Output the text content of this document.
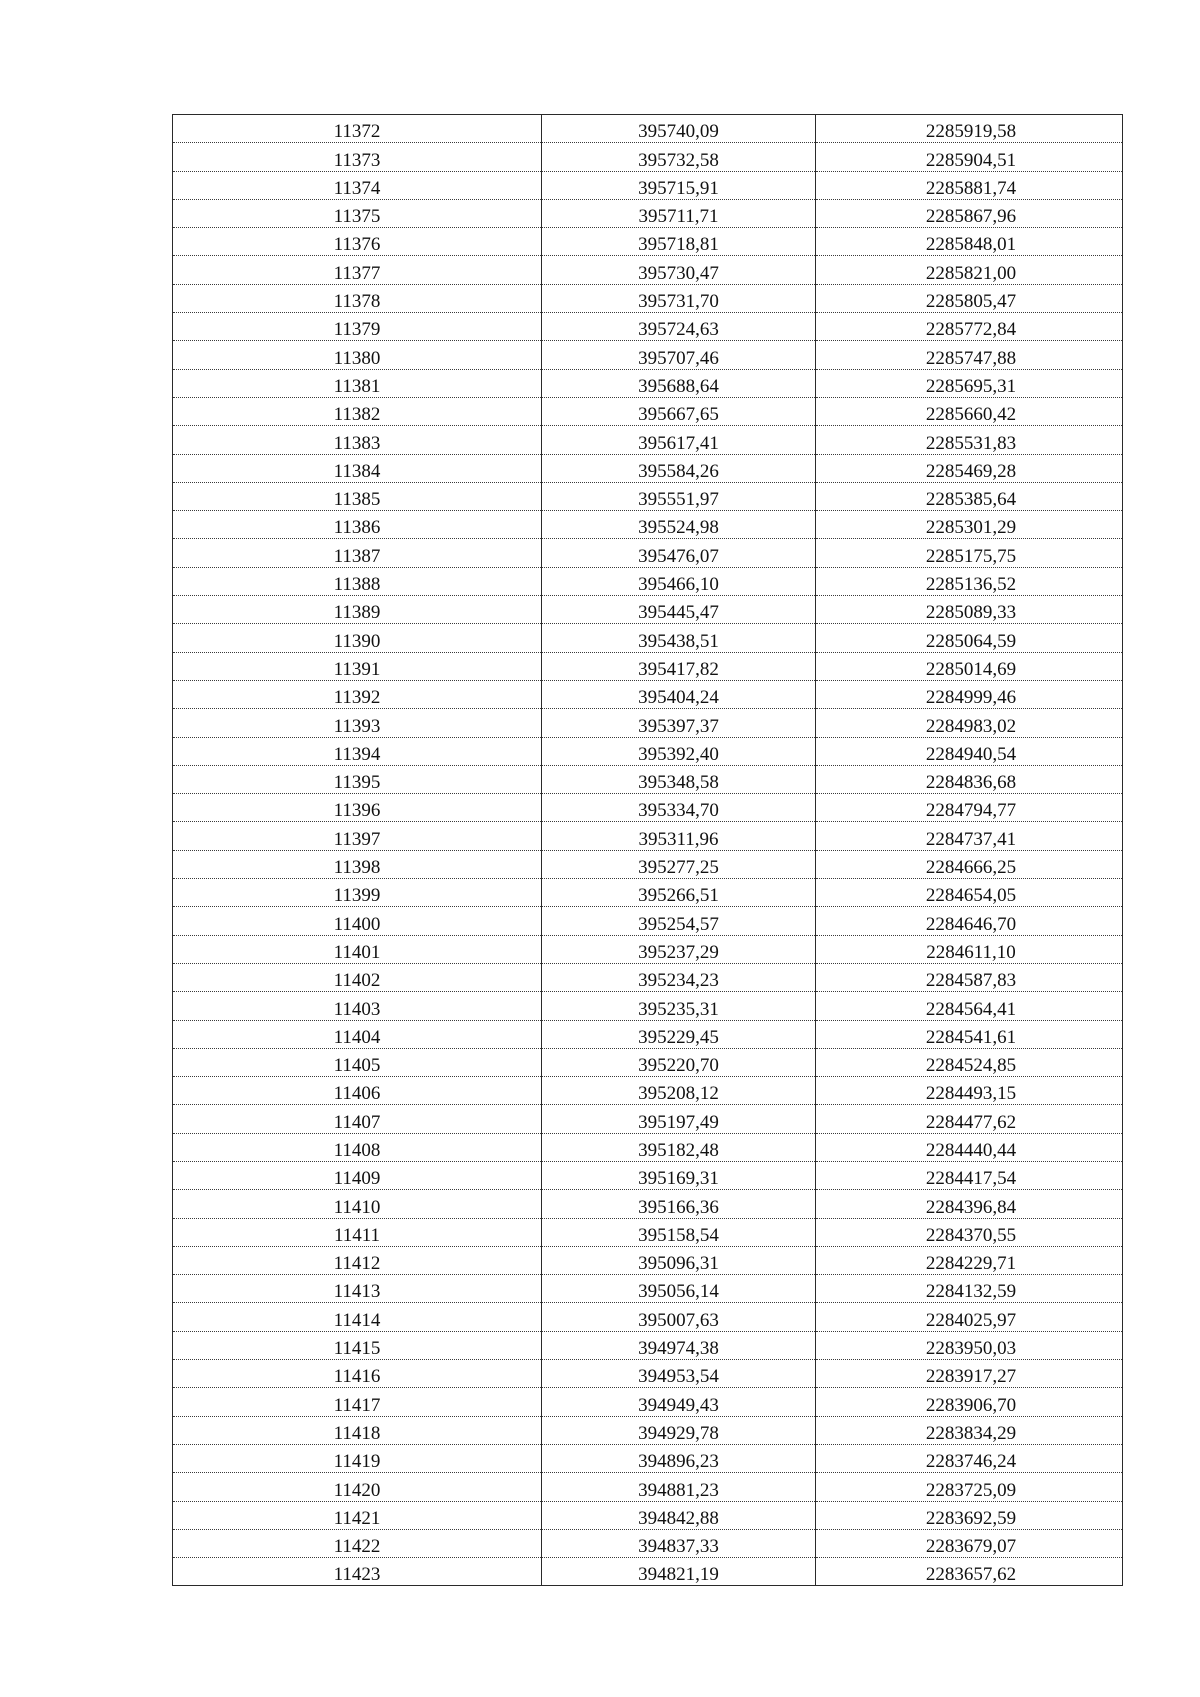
11372	395740,09	2285919,58
11373	395732,58	2285904,51
11374	395715,91	2285881,74
11375	395711,71	2285867,96
11376	395718,81	2285848,01
11377	395730,47	2285821,00
11378	395731,70	2285805,47
11379	395724,63	2285772,84
11380	395707,46	2285747,88
11381	395688,64	2285695,31
11382	395667,65	2285660,42
11383	395617,41	2285531,83
11384	395584,26	2285469,28
11385	395551,97	2285385,64
11386	395524,98	2285301,29
11387	395476,07	2285175,75
11388	395466,10	2285136,52
11389	395445,47	2285089,33
11390	395438,51	2285064,59
11391	395417,82	2285014,69
11392	395404,24	2284999,46
11393	395397,37	2284983,02
11394	395392,40	2284940,54
11395	395348,58	2284836,68
11396	395334,70	2284794,77
11397	395311,96	2284737,41
11398	395277,25	2284666,25
11399	395266,51	2284654,05
11400	395254,57	2284646,70
11401	395237,29	2284611,10
11402	395234,23	2284587,83
11403	395235,31	2284564,41
11404	395229,45	2284541,61
11405	395220,70	2284524,85
11406	395208,12	2284493,15
11407	395197,49	2284477,62
11408	395182,48	2284440,44
11409	395169,31	2284417,54
11410	395166,36	2284396,84
11411	395158,54	2284370,55
11412	395096,31	2284229,71
11413	395056,14	2284132,59
11414	395007,63	2284025,97
11415	394974,38	2283950,03
11416	394953,54	2283917,27
11417	394949,43	2283906,70
11418	394929,78	2283834,29
11419	394896,23	2283746,24
11420	394881,23	2283725,09
11421	394842,88	2283692,59
11422	394837,33	2283679,07
11423	394821,19	2283657,62
